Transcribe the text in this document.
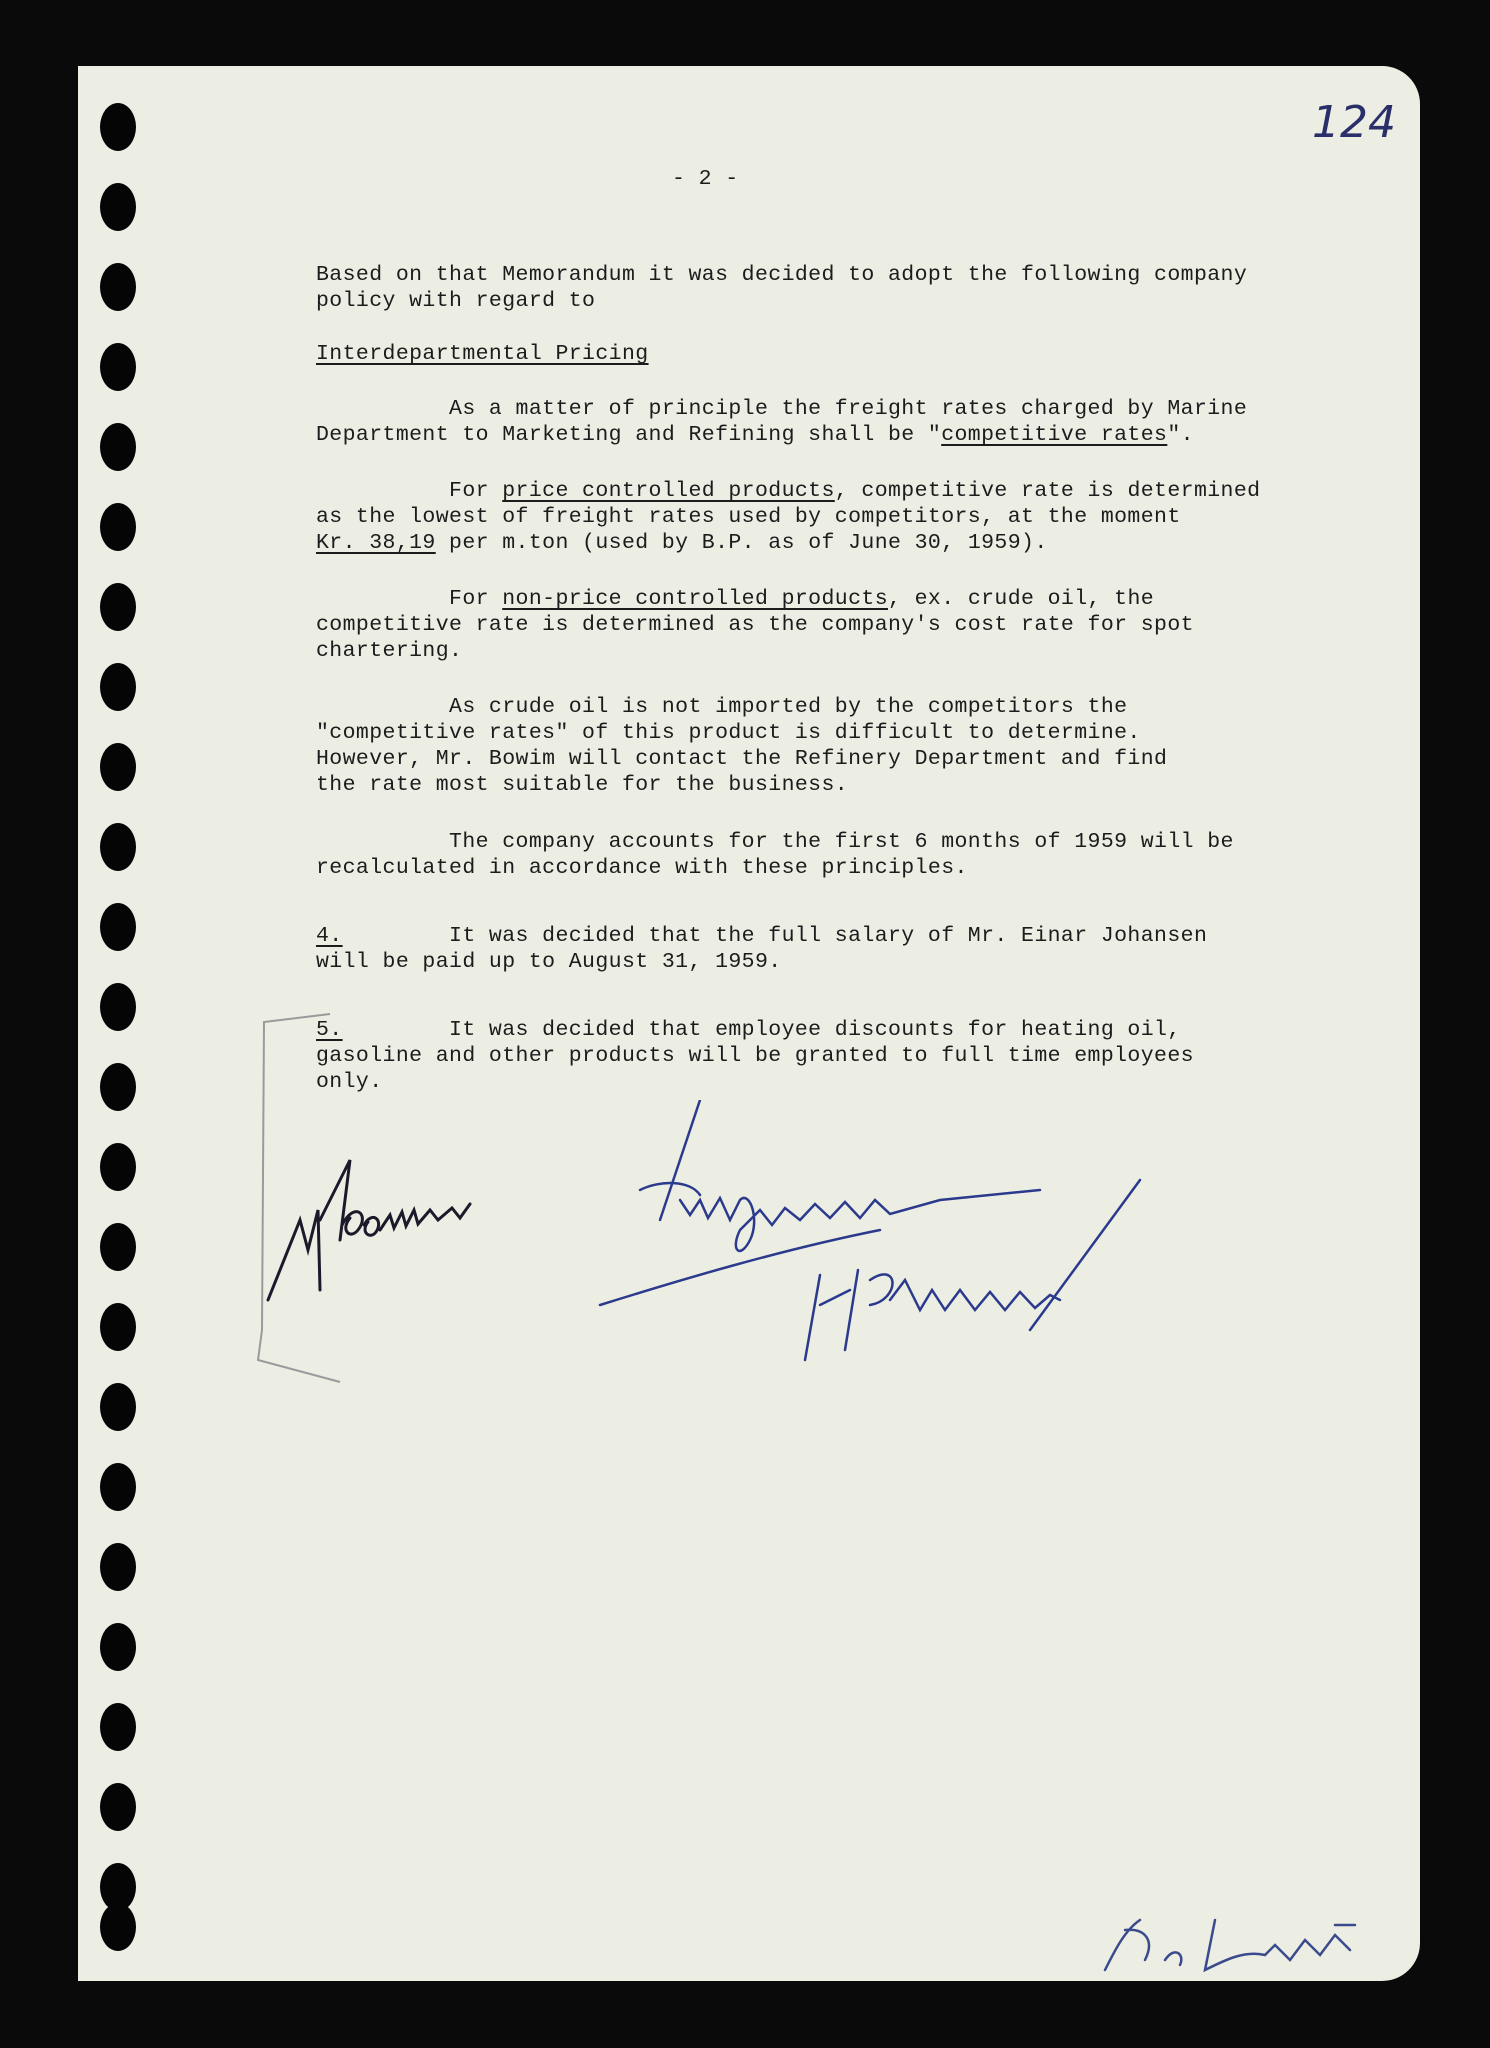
124
- 2 -
Based on that Memorandum it was decided to adopt the following company
policy with regard to
Interdepartmental Pricing
As a matter of principle the freight rates charged by Marine
Department to Marketing and Refining shall be "competitive rates".
For price controlled products, competitive rate is determined
as the lowest of freight rates used by competitors, at the moment
Kr. 38,19 per m.ton (used by B.P. as of June 30, 1959).
For non-price controlled products, ex. crude oil, the
competitive rate is determined as the company's cost rate for spot
chartering.
As crude oil is not imported by the competitors the
"competitive rates" of this product is difficult to determine.
However, Mr. Bowim will contact the Refinery Department and find
the rate most suitable for the business.
The company accounts for the first 6 months of 1959 will be
recalculated in accordance with these principles.
4.        It was decided that the full salary of Mr. Einar Johansen
will be paid up to August 31, 1959.
5.        It was decided that employee discounts for heating oil,
gasoline and other products will be granted to full time employees
only.
